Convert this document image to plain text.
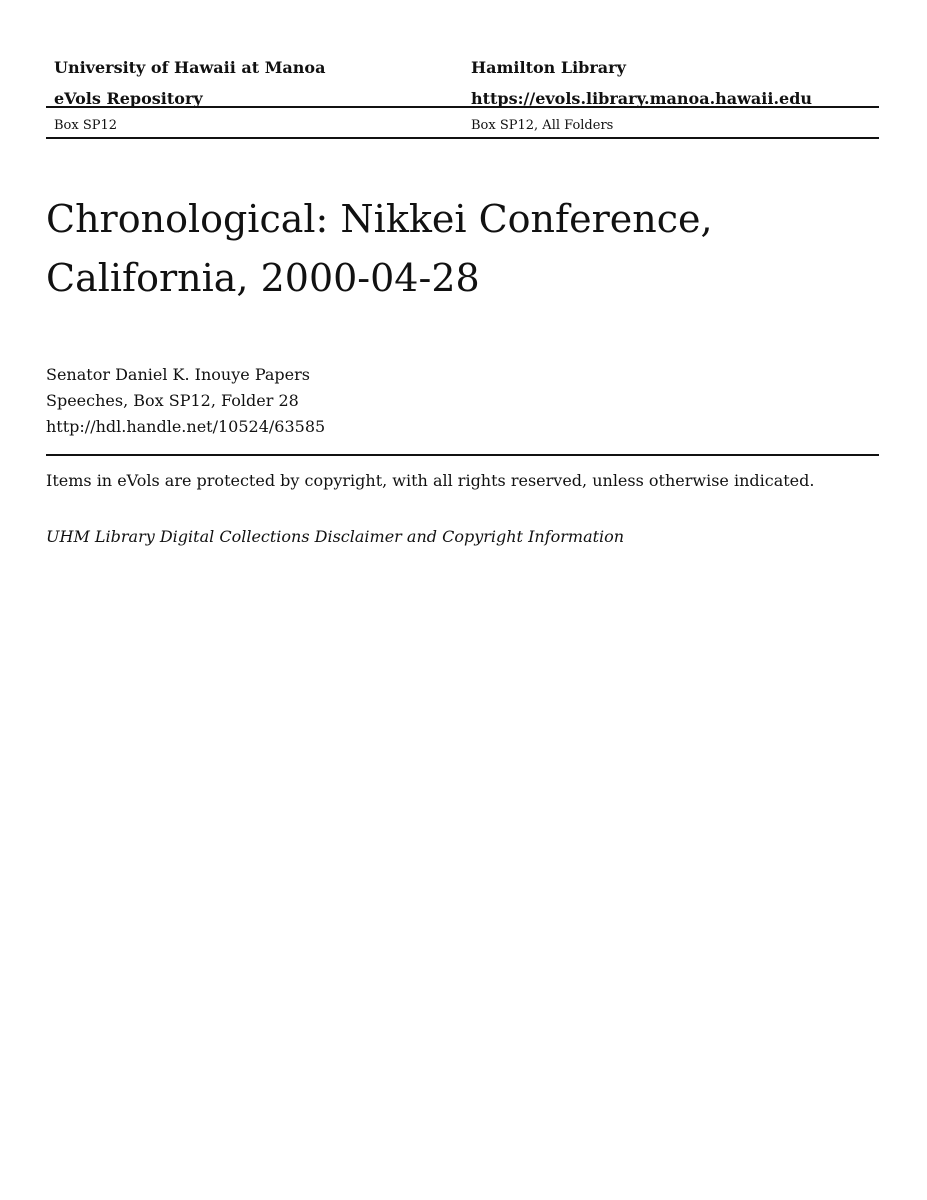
University of Hawaii at Manoa
eVols Repository
Hamilton Library
https://evols.library.manoa.hawaii.edu
Box SP12	Box SP12, All Folders
Chronological: Nikkei Conference,
California, 2000-04-28
Senator Daniel K. Inouye Papers
Speeches, Box SP12, Folder 28
http://hdl.handle.net/10524/63585
Items in eVols are protected by copyright, with all rights reserved, unless otherwise indicated.
UHM Library Digital Collections Disclaimer and Copyright Information
